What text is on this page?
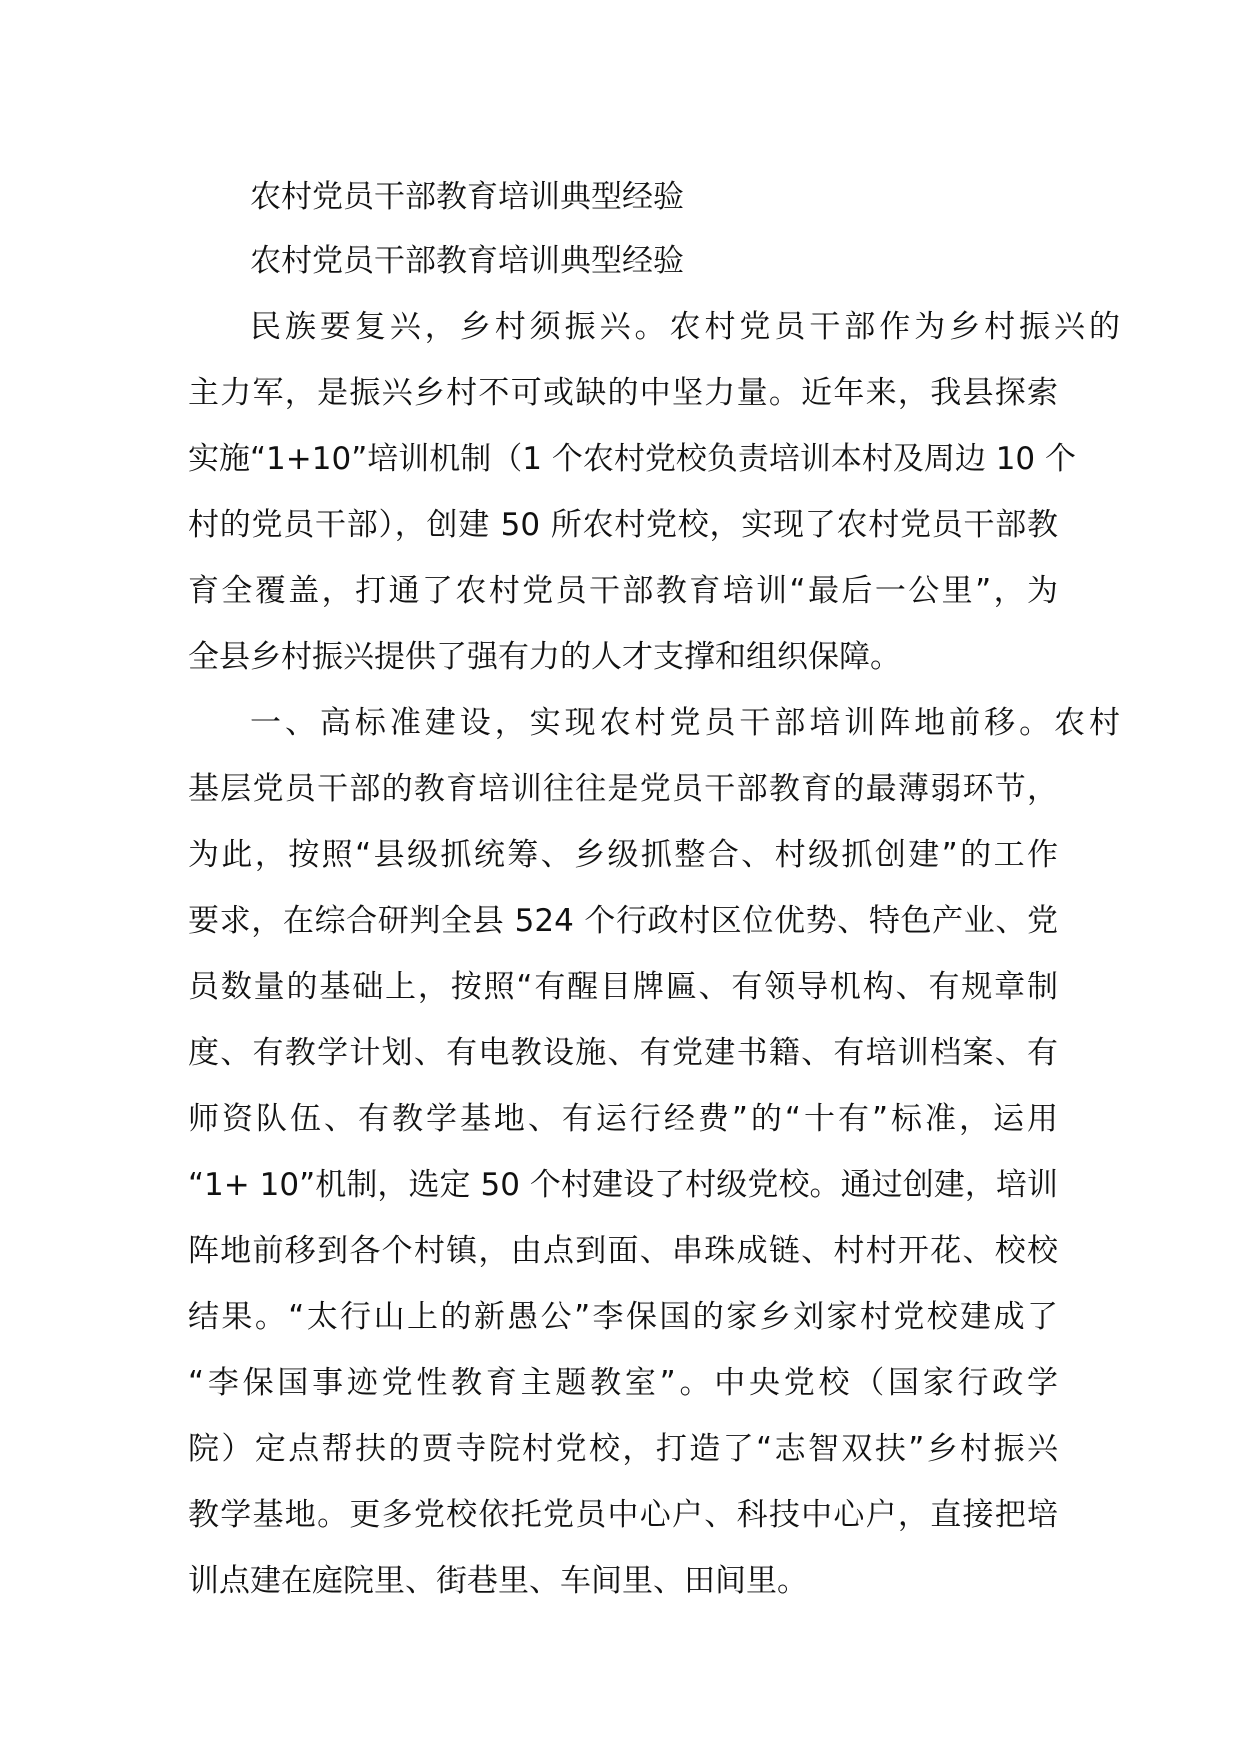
农村党员干部教育培训典型经验
农村党员干部教育培训典型经验
民族要复兴，乡村须振兴。农村党员干部作为乡村振兴的
主力军，是振兴乡村不可或缺的中坚力量。近年来，我县探索
实施“1+10”培训机制（1 个农村党校负责培训本村及周边 10 个
村的党员干部），创建 50 所农村党校，实现了农村党员干部教
育全覆盖，打通了农村党员干部教育培训“最后一公里”，为
全县乡村振兴提供了强有力的人才支撑和组织保障。
一、高标准建设，实现农村党员干部培训阵地前移。农村
基层党员干部的教育培训往往是党员干部教育的最薄弱环节，
为此，按照“县级抓统筹、乡级抓整合、村级抓创建”的工作
要求，在综合研判全县 524 个行政村区位优势、特色产业、党
员数量的基础上，按照“有醒目牌匾、有领导机构、有规章制
度、有教学计划、有电教设施、有党建书籍、有培训档案、有
师资队伍、有教学基地、有运行经费”的“十有”标准，运用
“1+ 10”机制，选定 50 个村建设了村级党校。通过创建，培训
阵地前移到各个村镇，由点到面、串珠成链、村村开花、校校
结果。“太行山上的新愚公”李保国的家乡刘家村党校建成了
“李保国事迹党性教育主题教室”。中央党校（国家行政学
院）定点帮扶的贾寺院村党校，打造了“志智双扶”乡村振兴
教学基地。更多党校依托党员中心户、科技中心户，直接把培
训点建在庭院里、街巷里、车间里、田间里。
